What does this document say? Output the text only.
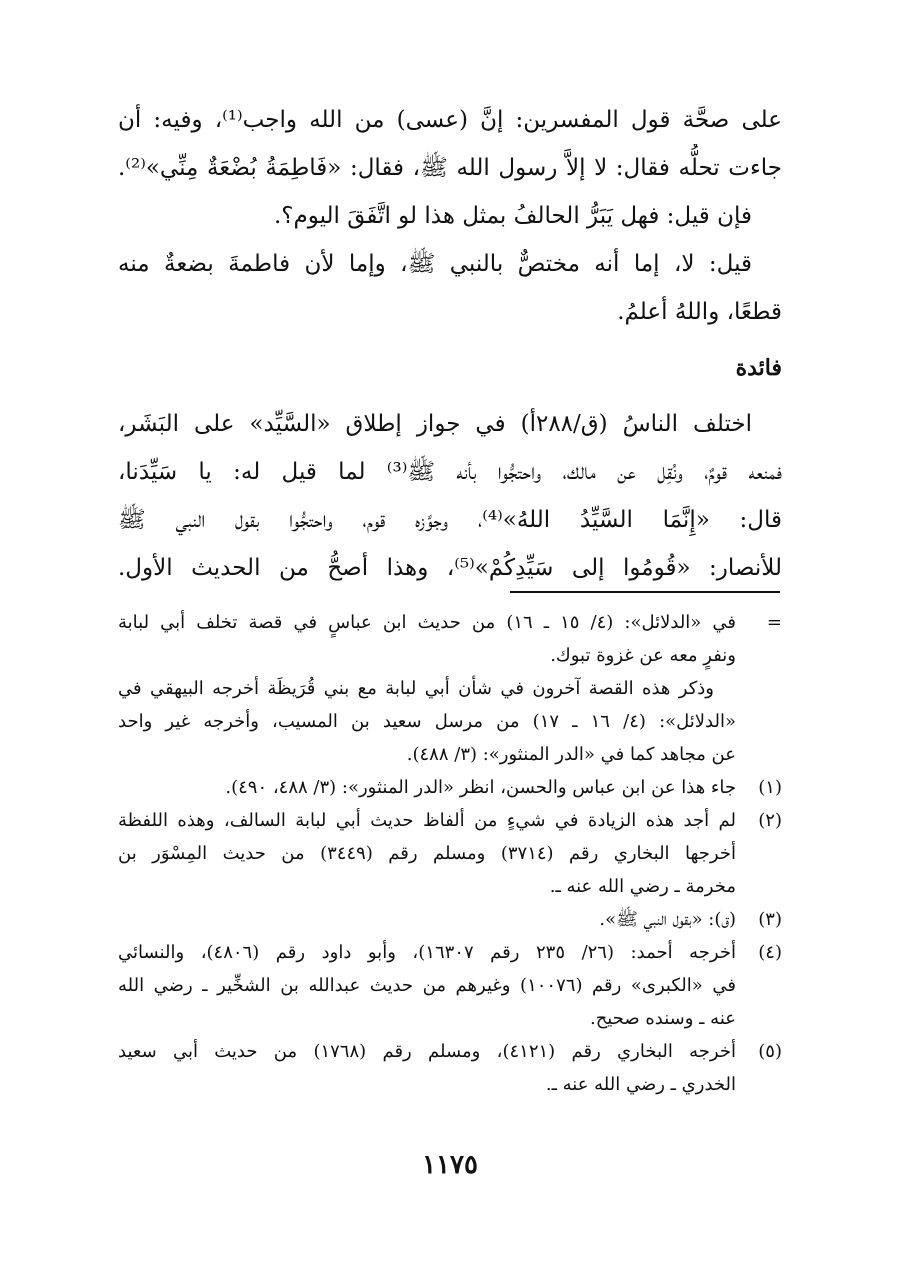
على صحَّة قول المفسرين: إنَّ (عسى) من الله واجب⁽¹⁾، وفيه: أن
جاءت تحلُّه فقال: لا إلاَّ رسول الله ﷺ، فقال: «فَاطِمَةُ بُضْعَةٌ مِنِّي»⁽²⁾.
فإن قيل: فهل يَبَرُّ الحالفُ بمثل هذا لو اتَّفَقَ اليوم؟.
قيل: لا، إما أنه مختصٌّ بالنبي ﷺ، وإما لأن فاطمةَ بضعةٌ منه
قطعًا، واللهُ أعلمُ.
فائدة
اختلف الناسُ (ق/٢٨٨أ) في جواز إطلاق «السَّيِّد» على البَشَر،
فمنعه قومٌ، ونُقِل عن مالك، واحتجُّوا بأنه ﷺ⁽³⁾ لما قيل له: يا سَيِّدَنا،
قال: «إِنَّمَا السَّيِّدُ اللهُ»⁽⁴⁾، وجوَّزه قوم، واحتجُّوا بقول النبي ﷺ
للأنصار: «قُومُوا إلى سَيِّدِكُمْ»⁽⁵⁾، وهذا أصحُّ من الحديث الأول.
=
في «الدلائل»: (٤/ ١٥ ـ ١٦) من حديث ابن عباسٍ في قصة تخلف أبي لبابة
ونفرٍ معه عن غزوة تبوك.
وذكر هذه القصة آخرون في شأن أبي لبابة مع بني قُرَيظَة أخرجه البيهقي في
«الدلائل»: (٤/ ١٦ ـ ١٧) من مرسل سعيد بن المسيب، وأخرجه غير واحد
عن مجاهد كما في «الدر المنثور»: (٣/ ٤٨٨).
(١)
جاء هذا عن ابن عباس والحسن، انظر «الدر المنثور»: (٣/ ٤٨٨، ٤٩٠).
(٢)
لم أجد هذه الزيادة في شيءٍ من ألفاظ حديث أبي لبابة السالف، وهذه اللفظة
أخرجها البخاري رقم (٣٧١٤) ومسلم رقم (٣٤٤٩) من حديث المِسْوَر بن
مخرمة ـ رضي الله عنه ـ.
(٣)
(ق): «بقول النبي ﷺ».
(٤)
أخرجه أحمد: (٢٦/ ٢٣٥ رقم ١٦٣٠٧)، وأبو داود رقم (٤٨٠٦)، والنسائي
في «الكبرى» رقم (١٠٠٧٦) وغيرهم من حديث عبدالله بن الشخِّير ـ رضي الله
عنه ـ وسنده صحيح.
(٥)
أخرجه البخاري رقم (٤١٢١)، ومسلم رقم (١٧٦٨) من حديث أبي سعيد
الخدري ـ رضي الله عنه ـ.
١١٧٥
